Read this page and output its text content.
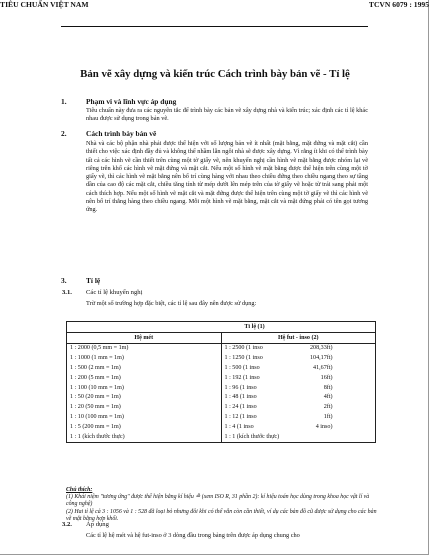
TIÊU CHUẨN VIỆT NAM	TCVN 6079 : 1995
Bản vẽ xây dựng và kiến trúc Cách trình bày bản vẽ - Tỉ lệ
1.	Phạm vi và lĩnh vực áp dụng
Tiêu chuẩn này đưa ra các nguyên tắc để trình bày các bản vẽ xây dựng nhà và kiến trúc; xác định các tỉ lệ khác nhau được sử dụng trong bản vẽ.
2.	Cách trình bày bản vẽ
Nhà và các bộ phận nhà phải được thể hiện với số lượng bản vẽ ít nhất (mặt bằng, mặt đứng và mặt cắt) cần thiết cho việc xác định đầy đủ và không thể nhầm lẫn ngôi nhà sẽ được xây dựng. Vì rằng ít khi có thể trình bày tất cả các hình vẽ cần thiết trên cùng một tờ giấy vẽ, nên khuyến nghị cần hình vẽ mặt bằng được nhóm lại vẽ riêng trên khổ các hình vẽ mặt đứng và mặt cắt. Nếu một số hình vẽ mặt bằng được thể hiện trên cùng một tờ giấy vẽ, thì các hình vẽ mặt bằng nên bố trí cùng hàng với nhau theo chiều đứng theo chiều ngang theo sự tầng dần của cao độ các mặt cắt, chiều tăng tính từ mép dưới lên mép trên của tờ giấy vẽ hoặc từ trái sang phải một cách thích hợp. Nếu một số hình vẽ mặt cắt và mặt đứng được thể hiện trên cùng một tờ giấy vẽ thì các hình vẽ nên bố trí thẳng hàng theo chiều ngang. Mỗi một hình vẽ mặt bằng, mặt cắt và mặt đứng phải có tên gọi tương ứng.
3.	Tỉ lệ
3.1. Các tỉ lệ khuyến nghị
Trừ một số trường hợp đặc biệt, các tỉ lệ sau đây nên được sử dụng:
Tỉ lệ (1)	
Hệ mét	Hệ fut - inso (2)
1 : 2000 (0,5 mm = 1m)	1 : 2500 (1 inso 208,33ft)
1 : 1000 (1 mm = 1m)	1 : 1250 (1 inso 104,17ft)
1 : 500 (2 mm = 1m)	1 : 500 (1 inso 41,67ft)
1 : 200 (5 mm = 1m)	1 : 192 (1 inso 16ft)
1 : 100 (10 mm = 1m)	1 : 96 (1 inso 8ft)
1 : 50 (20 mm = 1m)	1 : 48 (1 inso 4ft)
1 : 20 (50 mm = 1m)	1 : 24 (1 inso 2ft)
1 : 10 (100 mm = 1m)	1 : 12 (1 inso 1ft)
1 : 5 (200 mm = 1m)	1 : 4 (1 inso 4 inso)
1 : 1 (kích thước thực)	1 : 1 (kích thước thực)
Chú thích:
(1) Khái niệm "tương ứng" được thể hiện bằng kí hiệu ≙ (xem ISO R, 31 phần 2): kí hiệu toán học dùng trong khoa học vật lí và công nghệ)
(2) Hai tỉ lệ cả 3 : 1056 và 1 : 528 đã loại bỏ nhưng đôi khi có thể vẫn còn cần thiết, ví dụ các bản đồ cũ được sử dụng cho các bản vẽ mặt bằng hợp khối.
3.2. Áp dụng
Các tỉ lệ hệ mét và hệ fut-inso ở 3 dòng đầu trong bảng trên được áp dụng chung cho
